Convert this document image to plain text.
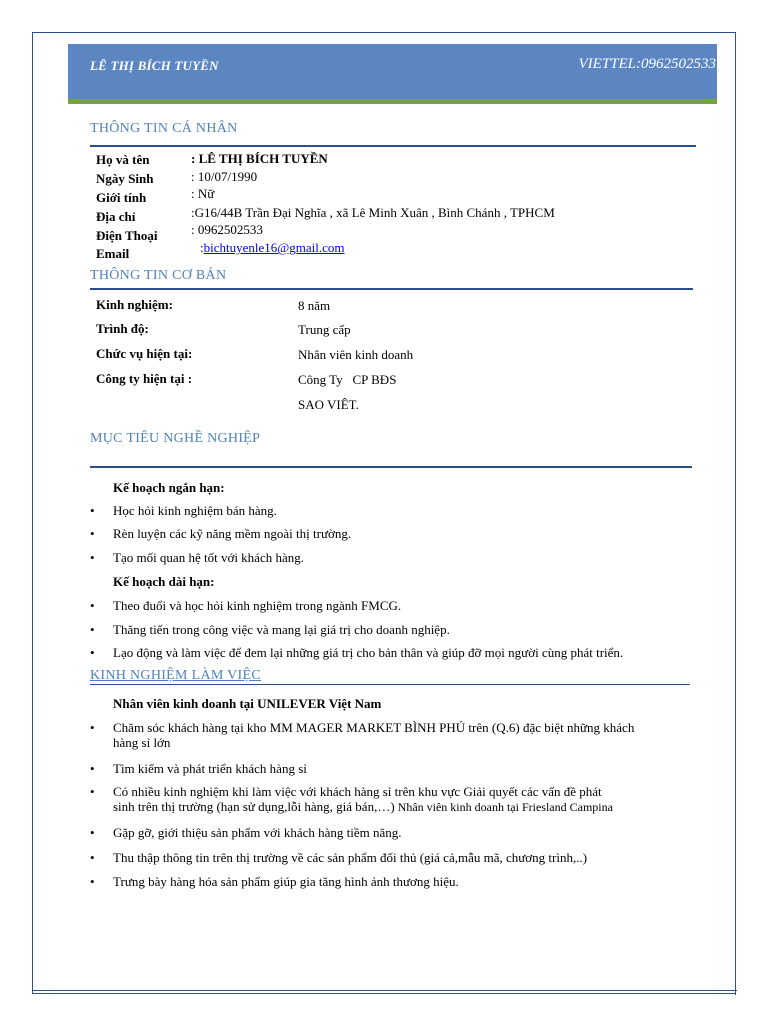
LÊ THỊ BÍCH TUYỀN	VIETTEL:0962502533
THÔNG TIN CÁ NHÂN
Họ và tên	: LÊ THỊ BÍCH TUYỀN
Ngày Sinh	: 10/07/1990
Giới tính	: Nữ
Địa chỉ	:G16/44B Trần Đại Nghĩa , xã Lê Minh Xuân , Bình Chánh , TPHCM
Điện Thoại	: 0962502533
Email	:bichtuyenle16@gmail.com
THÔNG TIN CƠ BẢN
Kinh nghiệm:	8 năm
Trình độ:	Trung cấp
Chức vụ hiện tại:	Nhân viên kinh doanh
Công ty hiện tại :	Công Ty   CP BĐS
SAO VIÊT.
MỤC TIÊU NGHỀ NGHIỆP
Kế hoạch ngắn hạn:
• Học hỏi kinh nghiệm bán hàng.
• Rèn luyện các kỹ năng mềm ngoài thị trường.
• Tạo mối quan hệ tốt với khách hàng.
Kế hoạch dài hạn:
• Theo đuổi và học hỏi kinh nghiệm trong ngành FMCG.
• Thăng tiến trong công việc và mang lại giá trị cho doanh nghiệp.
• Lạo động và làm việc để đem lại những giá trị cho bản thân và giúp đỡ mọi người cùng phát triển.
KINH NGHIỆM LÀM VIỆC
Nhân viên kinh doanh tại UNILEVER Việt Nam
• Chăm sóc khách hàng tại kho MM MAGER MARKET BÌNH PHÚ trên (Q.6) đặc biệt những khách
hàng sỉ lớn
• Tìm kiếm và phát triển khách hàng sỉ
• Có nhiều kinh nghiệm khi làm việc với khách hàng sỉ trên khu vực Giải quyết các vấn đề phát
sinh trên thị trường (hạn sử dụng,lỗi hàng, giá bán,…) Nhân viên kinh doanh tại Friesland Campina
• Gặp gỡ, giới thiệu sản phẩm với khách hàng tiềm năng.
• Thu thập thông tin trên thị trường về các sản phẩm đối thủ (giá cả,mẫu mã, chương trình,..)
• Trưng bày hàng hóa sản phẩm giúp gia tăng hình ảnh thương hiệu.
